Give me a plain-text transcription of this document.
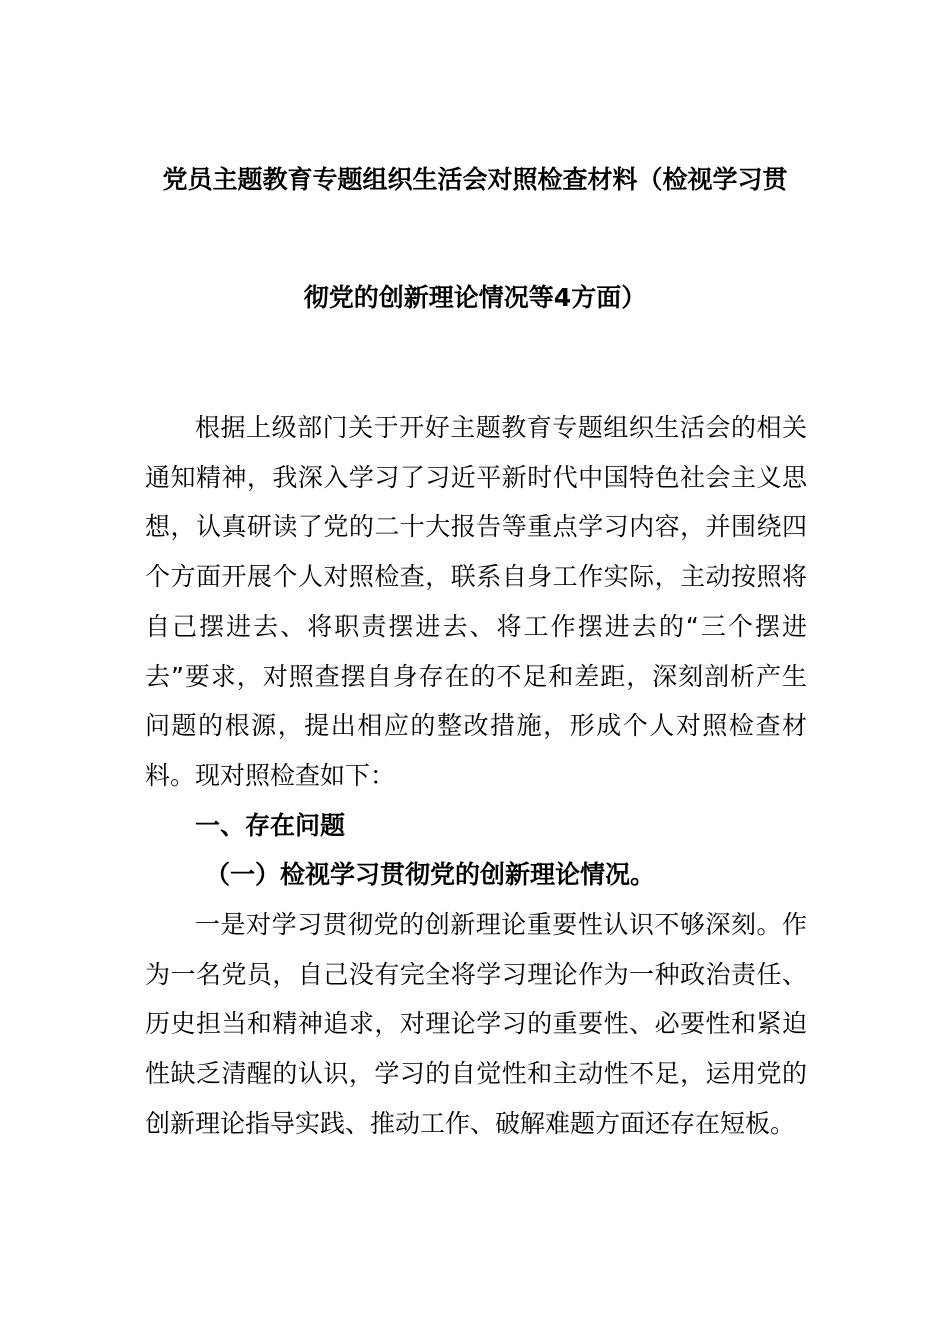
党员主题教育专题组织生活会对照检查材料（检视学习贯
彻党的创新理论情况等4方面）

根据上级部门关于开好主题教育专题组织生活会的相关通知精神，我深入学习了习近平新时代中国特色社会主义思想，认真研读了党的二十大报告等重点学习内容，并围绕四个方面开展个人对照检查，联系自身工作实际，主动按照将自己摆进去、将职责摆进去、将工作摆进去的“三个摆进去”要求，对照查摆自身存在的不足和差距，深刻剖析产生问题的根源，提出相应的整改措施，形成个人对照检查材料。现对照检查如下：

一、存在问题

（一）检视学习贯彻党的创新理论情况。

一是对学习贯彻党的创新理论重要性认识不够深刻。作为一名党员，自己没有完全将学习理论作为一种政治责任、历史担当和精神追求，对理论学习的重要性、必要性和紧迫性缺乏清醒的认识，学习的自觉性和主动性不足，运用党的创新理论指导实践、推动工作、破解难题方面还存在短板。
